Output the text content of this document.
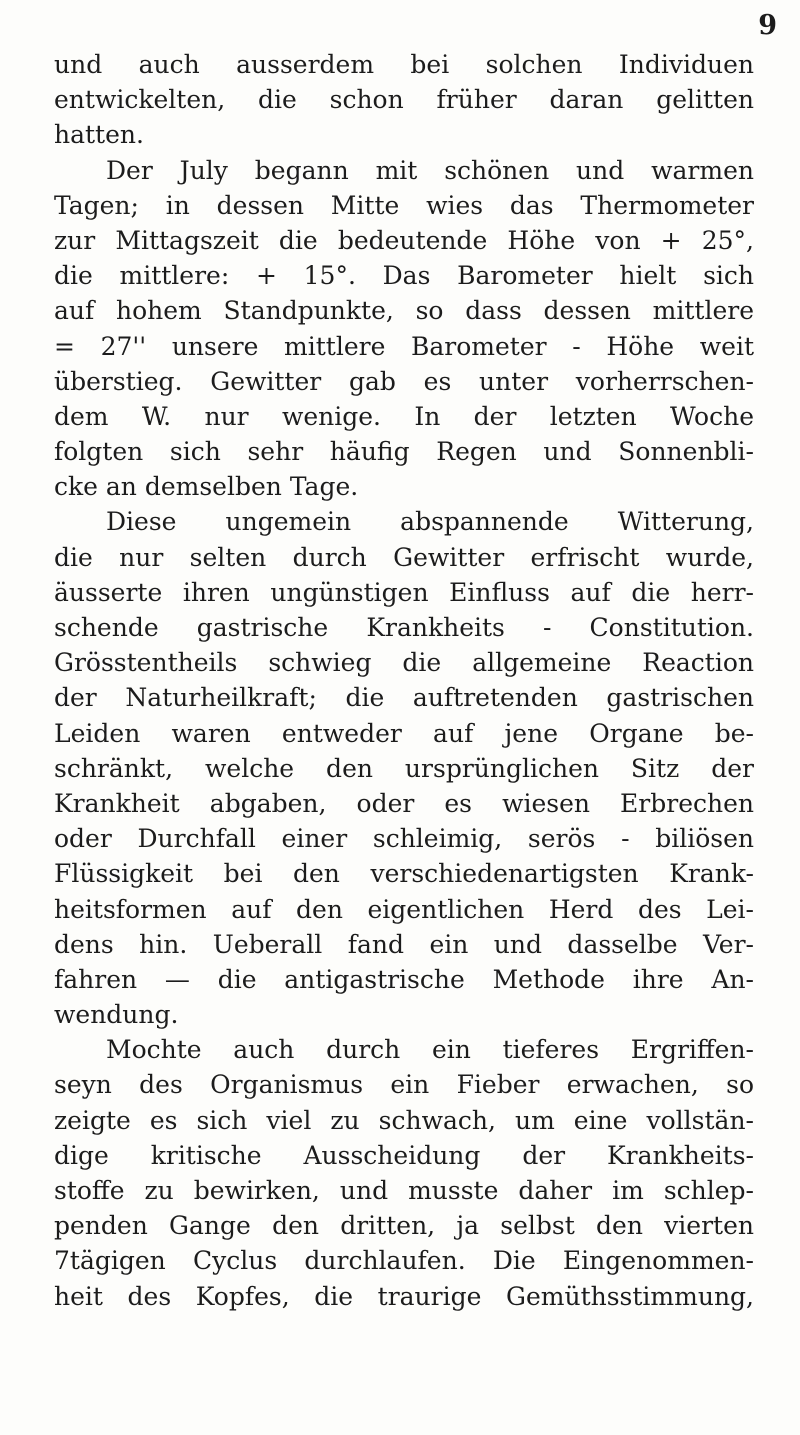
9
und auch ausserdem bei solchen Individuen
entwickelten, die schon früher daran gelitten
hatten.
Der July begann mit schönen und warmen
Tagen; in dessen Mitte wies das Thermometer
zur Mittagszeit die bedeutende Höhe von + 25°,
die mittlere: + 15°. Das Barometer hielt sich
auf hohem Standpunkte, so dass dessen mittlere
= 27'' unsere mittlere Barometer - Höhe weit
überstieg. Gewitter gab es unter vorherrschen-
dem W. nur wenige. In der letzten Woche
folgten sich sehr häufig Regen und Sonnenbli-
cke an demselben Tage.
Diese ungemein abspannende Witterung,
die nur selten durch Gewitter erfrischt wurde,
äusserte ihren ungünstigen Einfluss auf die herr-
schende gastrische Krankheits - Constitution.
Grösstentheils schwieg die allgemeine Reaction
der Naturheilkraft; die auftretenden gastrischen
Leiden waren entweder auf jene Organe be-
schränkt, welche den ursprünglichen Sitz der
Krankheit abgaben, oder es wiesen Erbrechen
oder Durchfall einer schleimig, serös - biliösen
Flüssigkeit bei den verschiedenartigsten Krank-
heitsformen auf den eigentlichen Herd des Lei-
dens hin. Ueberall fand ein und dasselbe Ver-
fahren — die antigastrische Methode ihre An-
wendung.
Mochte auch durch ein tieferes Ergriffen-
seyn des Organismus ein Fieber erwachen, so
zeigte es sich viel zu schwach, um eine vollstän-
dige kritische Ausscheidung der Krankheits-
stoffe zu bewirken, und musste daher im schlep-
penden Gange den dritten, ja selbst den vierten
7tägigen Cyclus durchlaufen. Die Eingenommen-
heit des Kopfes, die traurige Gemüthsstimmung,
